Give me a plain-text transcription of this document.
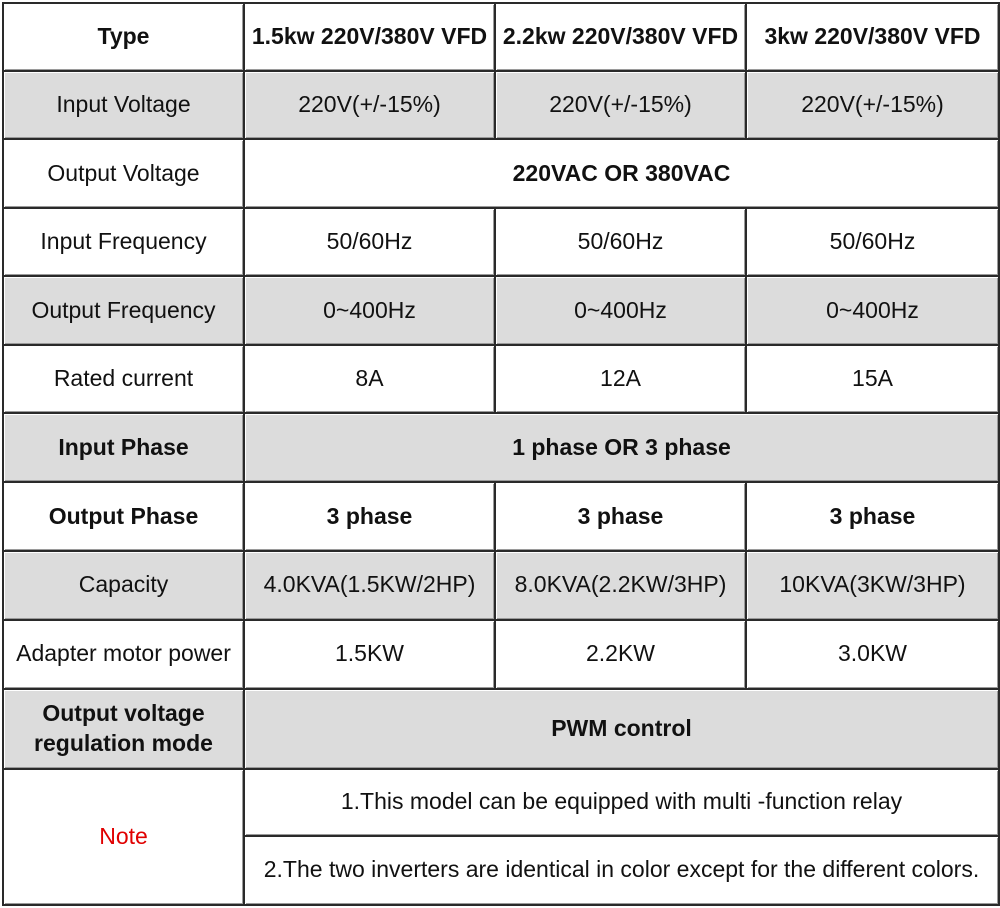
Type	1.5kw 220V/380V VFD	2.2kw 220V/380V VFD	3kw 220V/380V VFD
Input Voltage	220V(+/-15%)	220V(+/-15%)	220V(+/-15%)
Output Voltage	220VAC OR 380VAC		
Input Frequency	50/60Hz	50/60Hz	50/60Hz
Output Frequency	0~400Hz	0~400Hz	0~400Hz
Rated current	8A	12A	15A
Input Phase	1 phase OR 3 phase		
Output Phase	3 phase	3 phase	3 phase
Capacity	4.0KVA(1.5KW/2HP)	8.0KVA(2.2KW/3HP)	10KVA(3KW/3HP)
Adapter motor power	1.5KW	2.2KW	3.0KW
Output voltage regulation mode	PWM control		
Note	1.This model can be equipped with multi -function relay		
	2.The two inverters are identical in color except for the different colors.		
